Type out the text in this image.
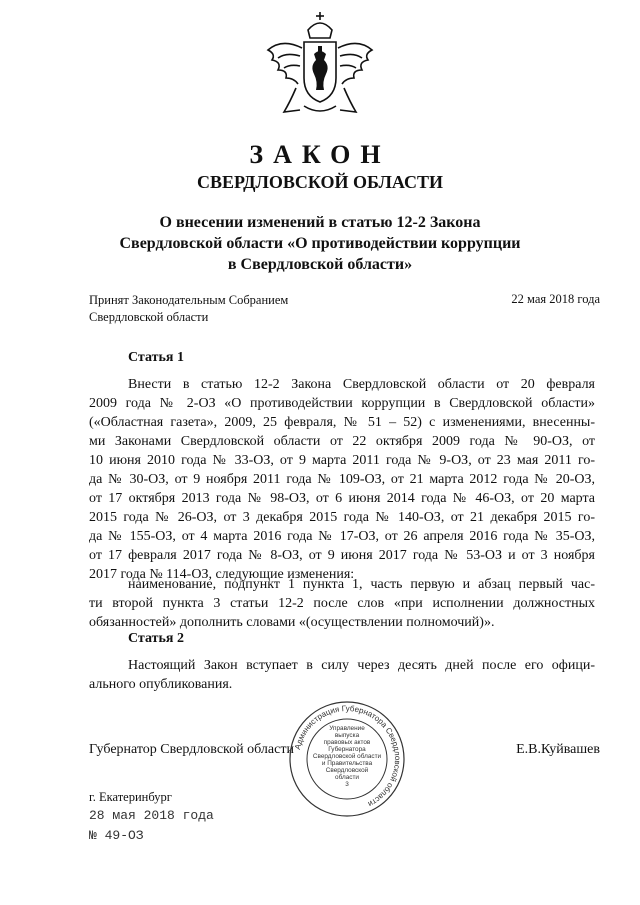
ЗАКОН
СВЕРДЛОВСКОЙ ОБЛАСТИ
О внесении изменений в статью 12-2 Закона
Свердловской области «О противодействии коррупции
в Свердловской области»
Принят Законодательным Собранием
Свердловской области
22 мая 2018 года
Статья 1
Внести в статью 12-2 Закона Свердловской области от 20 февраля
2009 года № 2-ОЗ «О противодействии коррупции в Свердловской области»
(«Областная газета», 2009, 25 февраля, № 51 – 52) с изменениями, внесенны-
ми Законами Свердловской области от 22 октября 2009 года № 90-ОЗ, от
10 июня 2010 года № 33-ОЗ, от 9 марта 2011 года № 9-ОЗ, от 23 мая 2011 го-
да № 30-ОЗ, от 9 ноября 2011 года № 109-ОЗ, от 21 марта 2012 года № 20-ОЗ,
от 17 октября 2013 года № 98-ОЗ, от 6 июня 2014 года № 46-ОЗ, от 20 марта
2015 года № 26-ОЗ, от 3 декабря 2015 года № 140-ОЗ, от 21 декабря 2015 го-
да № 155-ОЗ, от 4 марта 2016 года № 17-ОЗ, от 26 апреля 2016 года № 35-ОЗ,
от 17 февраля 2017 года № 8-ОЗ, от 9 июня 2017 года № 53-ОЗ и от 3 ноября
2017 года № 114-ОЗ, следующие изменения:
наименование, подпункт 1 пункта 1, часть первую и абзац первый час-
ти второй пункта 3 статьи 12-2 после слов «при исполнении должностных
обязанностей» дополнить словами «(осуществлении полномочий)».
Статья 2
Настоящий Закон вступает в силу через десять дней после его офици-
ального опубликования.
Губернатор Свердловской области	Е.В.Куйвашев
Администрация Губернатора Свердловской области
Управление
выпуска
правовых актов
Губернатора
Свердловской области
и Правительства
Свердловской
области
3
г. Екатеринбург
28 мая 2018 года
№ 49-ОЗ
